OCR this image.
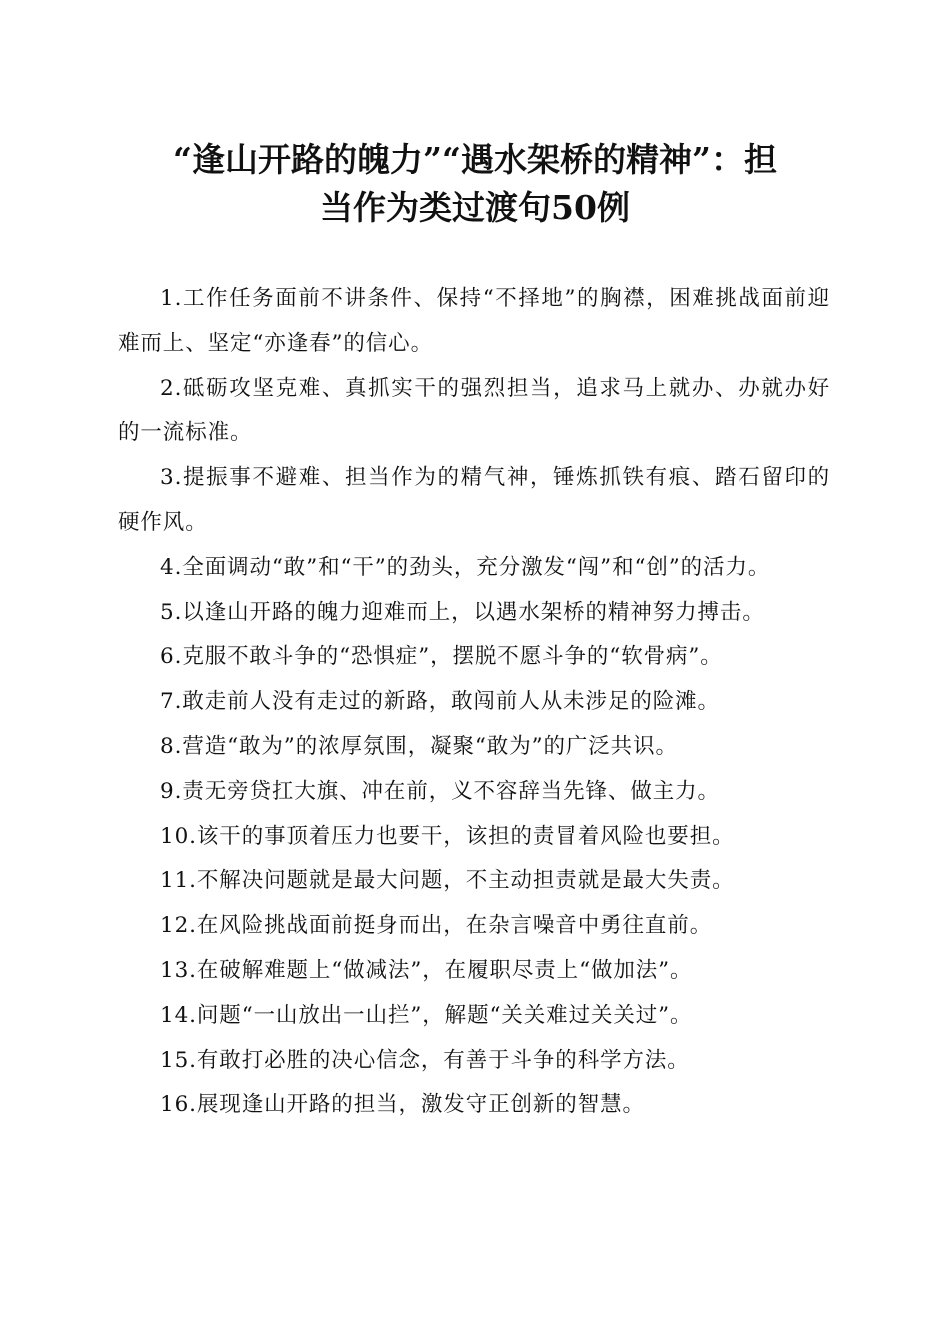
“逢山开路的魄力”“遇水架桥的精神”：担
当作为类过渡句50例

1.工作任务面前不讲条件、保持“不择地”的胸襟，困难挑战面前迎难而上、坚定“亦逢春”的信心。

2.砥砺攻坚克难、真抓实干的强烈担当，追求马上就办、办就办好的一流标准。

3.提振事不避难、担当作为的精气神，锤炼抓铁有痕、踏石留印的硬作风。

4.全面调动“敢”和“干”的劲头，充分激发“闯”和“创”的活力。

5.以逢山开路的魄力迎难而上，以遇水架桥的精神努力搏击。

6.克服不敢斗争的“恐惧症”，摆脱不愿斗争的“软骨病”。

7.敢走前人没有走过的新路，敢闯前人从未涉足的险滩。

8.营造“敢为”的浓厚氛围，凝聚“敢为”的广泛共识。

9.责无旁贷扛大旗、冲在前，义不容辞当先锋、做主力。

10.该干的事顶着压力也要干，该担的责冒着风险也要担。

11.不解决问题就是最大问题，不主动担责就是最大失责。

12.在风险挑战面前挺身而出，在杂言噪音中勇往直前。

13.在破解难题上“做减法”，在履职尽责上“做加法”。

14.问题“一山放出一山拦”，解题“关关难过关关过”。

15.有敢打必胜的决心信念，有善于斗争的科学方法。

16.展现逢山开路的担当，激发守正创新的智慧。
